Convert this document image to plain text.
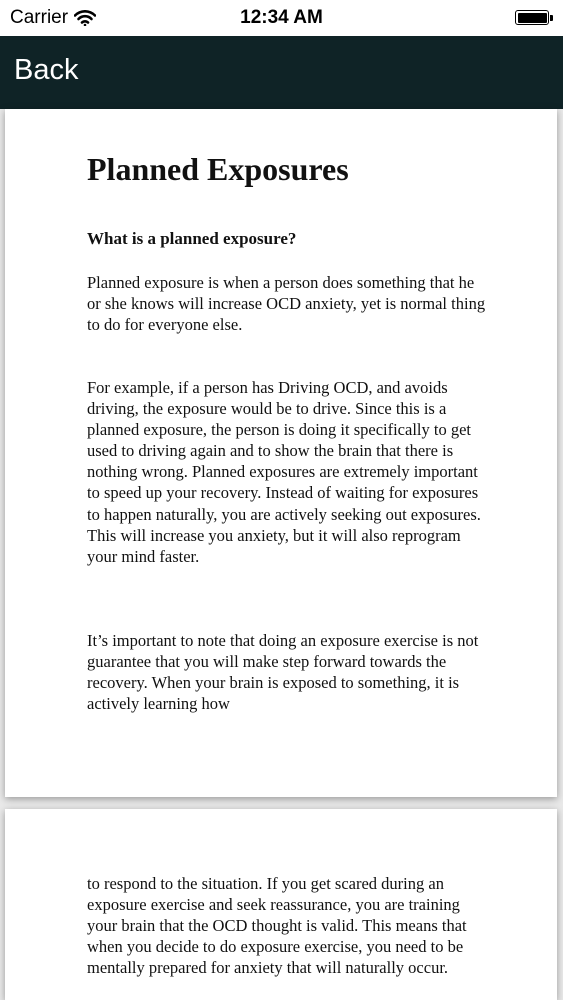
Carrier	12:34 AM
Back
Planned Exposures
What is a planned exposure?

Planned exposure is when a person does something that he or she knows will increase OCD anxiety, yet is normal thing to do for everyone else.

For example, if a person has Driving OCD, and avoids driving, the exposure would be to drive. Since this is a planned exposure, the person is doing it specifically to get used to driving again and to show the brain that there is nothing wrong. Planned exposures are extremely important to speed up your recovery. Instead of waiting for exposures to happen naturally, you are actively seeking out exposures. This will increase you anxiety, but it will also reprogram your mind faster.

It’s important to note that doing an exposure exercise is not guarantee that you will make step forward towards the recovery. When your brain is exposed to something, it is actively learning how

to respond to the situation. If you get scared during an exposure exercise and seek reassurance, you are training your brain that the OCD thought is valid. This means that when you decide to do exposure exercise, you need to be mentally prepared for anxiety that will naturally occur.
